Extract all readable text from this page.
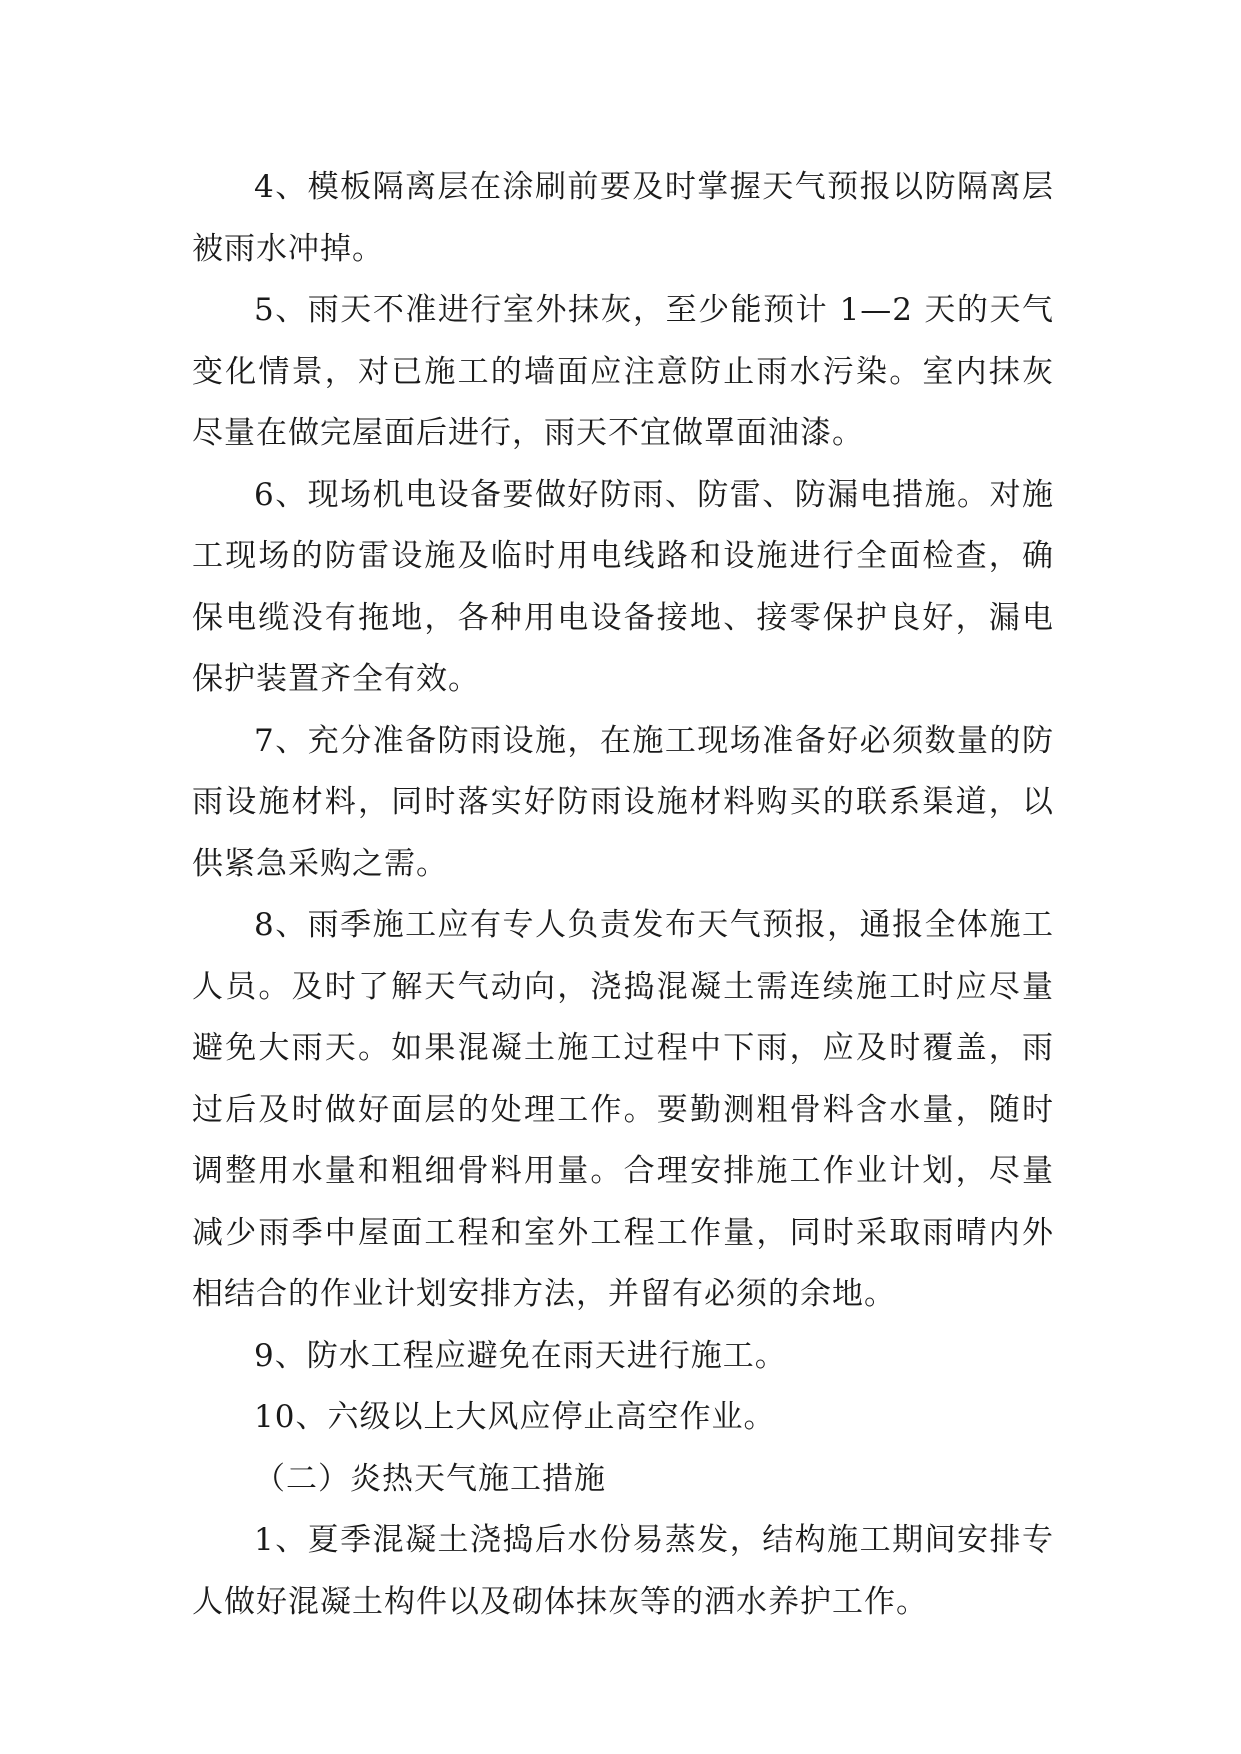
4、模板隔离层在涂刷前要及时掌握天气预报以防隔离层被雨水冲掉。

5、雨天不准进行室外抹灰，至少能预计 1—2 天的天气变化情景，对已施工的墙面应注意防止雨水污染。室内抹灰尽量在做完屋面后进行，雨天不宜做罩面油漆。

6、现场机电设备要做好防雨、防雷、防漏电措施。对施工现场的防雷设施及临时用电线路和设施进行全面检查，确保电缆没有拖地，各种用电设备接地、接零保护良好，漏电保护装置齐全有效。

7、充分准备防雨设施，在施工现场准备好必须数量的防雨设施材料，同时落实好防雨设施材料购买的联系渠道，以供紧急采购之需。

8、雨季施工应有专人负责发布天气预报，通报全体施工人员。及时了解天气动向，浇捣混凝土需连续施工时应尽量避免大雨天。如果混凝土施工过程中下雨，应及时覆盖，雨过后及时做好面层的处理工作。要勤测粗骨料含水量，随时调整用水量和粗细骨料用量。合理安排施工作业计划，尽量减少雨季中屋面工程和室外工程工作量，同时采取雨晴内外相结合的作业计划安排方法，并留有必须的余地。

9、防水工程应避免在雨天进行施工。

10、六级以上大风应停止高空作业。

（二）炎热天气施工措施

1、夏季混凝土浇捣后水份易蒸发，结构施工期间安排专人做好混凝土构件以及砌体抹灰等的洒水养护工作。
